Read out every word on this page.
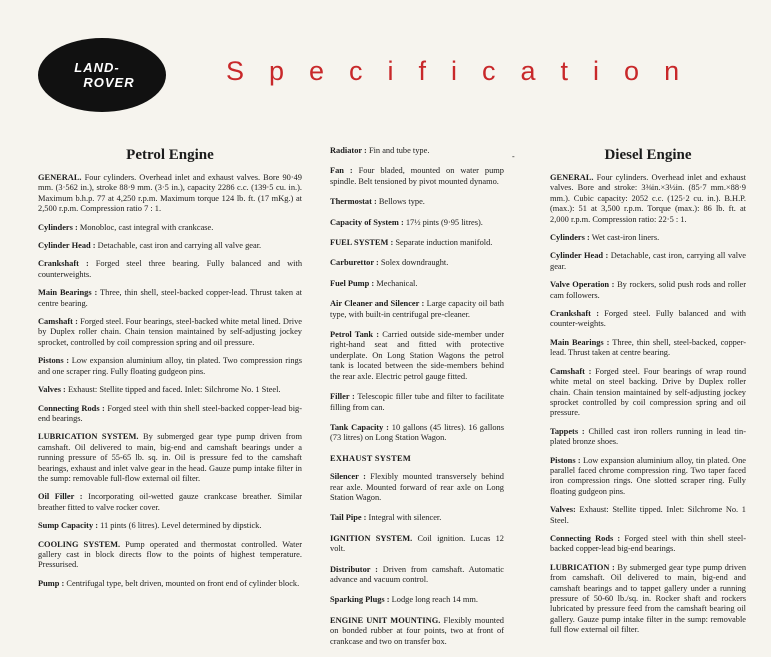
LAND-
ROVER	Specification
-
Petrol Engine
GENERAL. Four cylinders. Overhead inlet and exhaust valves. Bore 90·49 mm. (3·562 in.), stroke 88·9 mm. (3·5 in.), capacity 2286 c.c. (139·5 cu. in.). Maximum b.h.p. 77 at 4,250 r.p.m. Maximum torque 124 lb. ft. (17 mKg.) at 2,500 r.p.m. Compression ratio 7 : 1.
Cylinders : Monobloc, cast integral with crankcase.
Cylinder Head : Detachable, cast iron and carrying all valve gear.
Crankshaft : Forged steel three bearing. Fully balanced and with counterweights.
Main Bearings : Three, thin shell, steel-backed copper-lead. Thrust taken at centre bearing.
Camshaft : Forged steel. Four bearings, steel-backed white metal lined. Drive by Duplex roller chain. Chain tension maintained by self-adjusting jockey sprocket, controlled by coil compression spring and oil pressure.
Pistons : Low expansion aluminium alloy, tin plated. Two compression rings and one scraper ring. Fully floating gudgeon pins.
Valves : Exhaust: Stellite tipped and faced. Inlet: Silchrome No. 1 Steel.
Connecting Rods : Forged steel with thin shell steel-backed copper-lead big-end bearings.
LUBRICATION SYSTEM. By submerged gear type pump driven from camshaft. Oil delivered to main, big-end and camshaft bearings under a running pressure of 55-65 lb. sq. in. Oil is pressure fed to the camshaft bearings, exhaust and inlet valve gear in the head. Gauze pump intake filter in the sump: removable full-flow external oil filter.
Oil Filler : Incorporating oil-wetted gauze crankcase breather. Similar breather fitted to valve rocker cover.
Sump Capacity : 11 pints (6 litres). Level determined by dipstick.
COOLING SYSTEM. Pump operated and thermostat controlled. Water gallery cast in block directs flow to the points of highest temperature. Pressurised.
Pump : Centrifugal type, belt driven, mounted on front end of cylinder block.
Radiator : Fin and tube type.
Fan : Four bladed, mounted on water pump spindle. Belt tensioned by pivot mounted dynamo.
Thermostat : Bellows type.
Capacity of System : 17½ pints (9·95 litres).
FUEL SYSTEM : Separate induction manifold.
Carburettor : Solex downdraught.
Fuel Pump : Mechanical.
Air Cleaner and Silencer : Large capacity oil bath type, with built-in centrifugal pre-cleaner.
Petrol Tank : Carried outside side-member under right-hand seat and fitted with protective underplate. On Long Station Wagons the petrol tank is located between the side-members behind the rear axle. Electric petrol gauge fitted.
Filler : Telescopic filler tube and filter to facilitate filling from can.
Tank Capacity : 10 gallons (45 litres). 16 gallons (73 litres) on Long Station Wagon.
EXHAUST SYSTEM
Silencer : Flexibly mounted transversely behind rear axle. Mounted forward of rear axle on Long Station Wagon.
Tail Pipe : Integral with silencer.
IGNITION SYSTEM. Coil ignition. Lucas 12 volt.
Distributor : Driven from camshaft. Automatic advance and vacuum control.
Sparking Plugs : Lodge long reach 14 mm.
ENGINE UNIT MOUNTING. Flexibly mounted on bonded rubber at four points, two at front of crankcase and two on transfer box.
Diesel Engine
GENERAL. Four cylinders. Overhead inlet and exhaust valves. Bore and stroke: 3⅜in.×3½in. (85·7 mm.×88·9 mm.). Cubic capacity: 2052 c.c. (125·2 cu. in.). B.H.P. (max.): 51 at 3,500 r.p.m. Torque (max.): 86 lb. ft. at 2,000 r.p.m. Compression ratio: 22·5 : 1.
Cylinders : Wet cast-iron liners.
Cylinder Head : Detachable, cast iron, carrying all valve gear.
Valve Operation : By rockers, solid push rods and roller cam followers.
Crankshaft : Forged steel. Fully balanced and with counter-weights.
Main Bearings : Three, thin shell, steel-backed, copper-lead. Thrust taken at centre bearing.
Camshaft : Forged steel. Four bearings of wrap round white metal on steel backing. Drive by Duplex roller chain. Chain tension maintained by self-adjusting jockey sprocket controlled by coil compression spring and oil pressure.
Tappets : Chilled cast iron rollers running in lead tin-plated bronze shoes.
Pistons : Low expansion aluminium alloy, tin plated. One parallel faced chrome compression ring. Two taper faced iron compression rings. One slotted scraper ring. Fully floating gudgeon pins.
Valves: Exhaust: Stellite tipped. Inlet: Silchrome No. 1 Steel.
Connecting Rods : Forged steel with thin shell steel-backed copper-lead big-end bearings.
LUBRICATION : By submerged gear type pump driven from camshaft. Oil delivered to main, big-end and camshaft bearings and to tappet gallery under a running pressure of 50-60 lb./sq. in. Rocker shaft and rockers lubricated by pressure feed from the camshaft bearing oil gallery. Gauze pump intake filter in the sump: removable full flow external oil filter.
